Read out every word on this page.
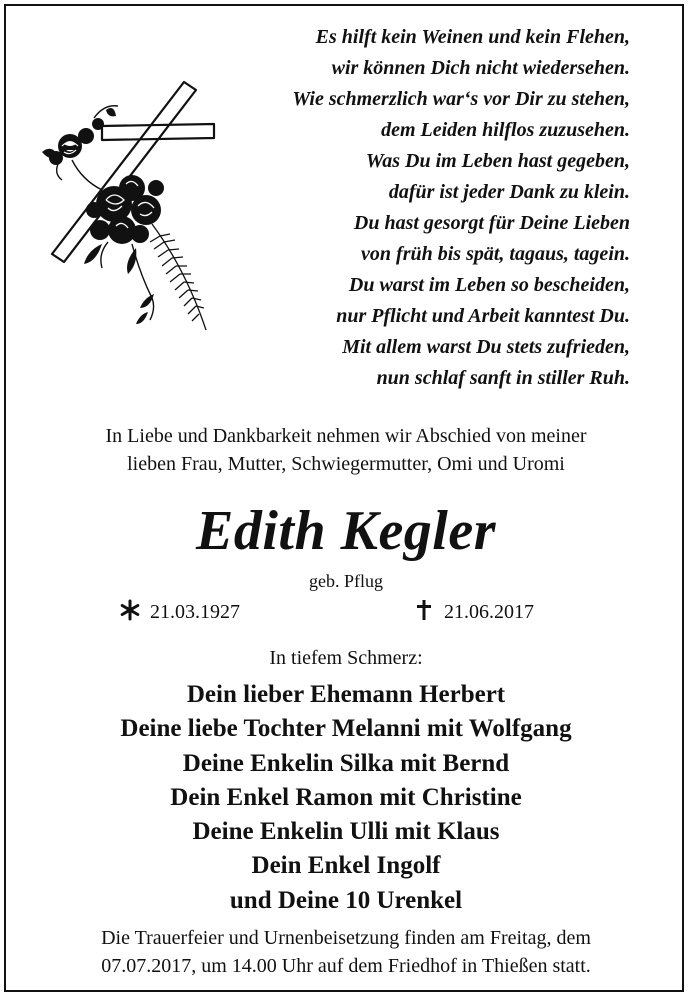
Es hilft kein Weinen und kein Flehen,
wir können Dich nicht wiedersehen.
Wie schmerzlich war‘s vor Dir zu stehen,
dem Leiden hilflos zuzusehen.
Was Du im Leben hast gegeben,
dafür ist jeder Dank zu klein.
Du hast gesorgt für Deine Lieben
von früh bis spät, tagaus, tagein.
Du warst im Leben so bescheiden,
nur Pflicht und Arbeit kanntest Du.
Mit allem warst Du stets zufrieden,
nun schlaf sanft in stiller Ruh.
In Liebe und Dankbarkeit nehmen wir Abschied von meiner
lieben Frau, Mutter, Schwiegermutter, Omi und Uromi
Edith Kegler
geb. Pflug
21.03.1927	21.06.2017
In tiefem Schmerz:
Dein lieber Ehemann Herbert
Deine liebe Tochter Melanni mit Wolfgang
Deine Enkelin Silka mit Bernd
Dein Enkel Ramon mit Christine
Deine Enkelin Ulli mit Klaus
Dein Enkel Ingolf
und Deine 10 Urenkel
Die Trauerfeier und Urnenbeisetzung finden am Freitag, dem
07.07.2017, um 14.00 Uhr auf dem Friedhof in Thießen statt.
